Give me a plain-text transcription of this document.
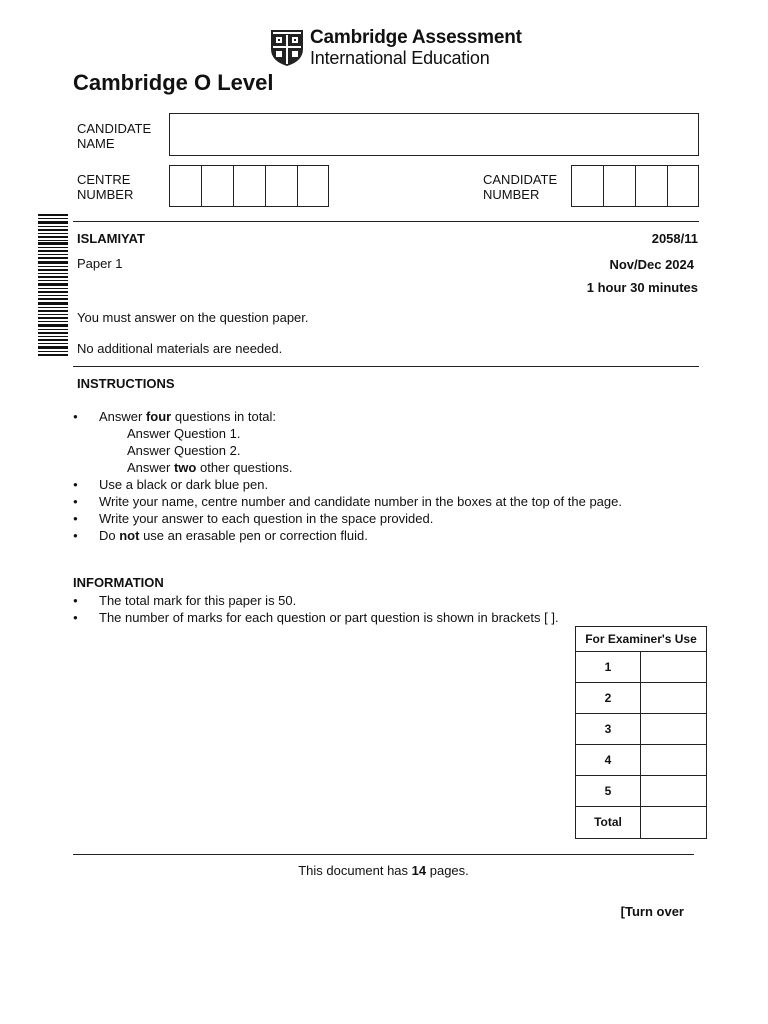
Cambridge Assessment
International Education
Cambridge O Level
CANDIDATE
NAME
CENTRE
NUMBER
CANDIDATE
NUMBER
ISLAMIYAT	2058/11
Paper 1	Nov/Dec 2024
1 hour 30 minutes
You must answer on the question paper.
No additional materials are needed.
INSTRUCTIONS
● Answer four questions in total:
Answer Question 1.
Answer Question 2.
Answer two other questions.
● Use a black or dark blue pen.
● Write your name, centre number and candidate number in the boxes at the top of the page.
● Write your answer to each question in the space provided.
● Do not use an erasable pen or correction fluid.
INFORMATION
● The total mark for this paper is 50.
● The number of marks for each question or part question is shown in brackets [ ].
For Examiner's Use
1
2
3
4
5
Total
This document has 14 pages.
[Turn over
